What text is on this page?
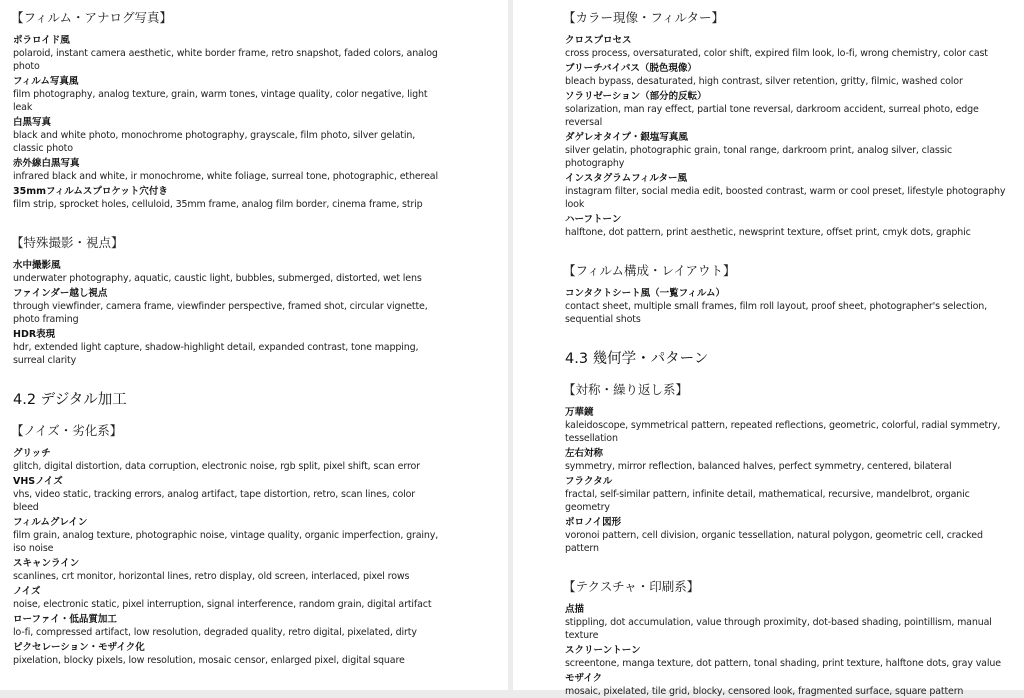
【フィルム・アナログ写真】
ポラロイド風
polaroid, instant camera aesthetic, white border frame, retro snapshot, faded colors, analog photo
フィルム写真風
film photography, analog texture, grain, warm tones, vintage quality, color negative, light leak
白黒写真
black and white photo, monochrome photography, grayscale, film photo, silver gelatin, classic photo
赤外線白黒写真
infrared black and white, ir monochrome, white foliage, surreal tone, photographic, ethereal
35mmフィルムスプロケット穴付き
film strip, sprocket holes, celluloid, 35mm frame, analog film border, cinema frame, strip
【特殊撮影・視点】
水中撮影風
underwater photography, aquatic, caustic light, bubbles, submerged, distorted, wet lens
ファインダー越し視点
through viewfinder, camera frame, viewfinder perspective, framed shot, circular vignette, photo framing
HDR表現
hdr, extended light capture, shadow-highlight detail, expanded contrast, tone mapping, surreal clarity
4.2 デジタル加工
【ノイズ・劣化系】
グリッチ
glitch, digital distortion, data corruption, electronic noise, rgb split, pixel shift, scan error
VHSノイズ
vhs, video static, tracking errors, analog artifact, tape distortion, retro, scan lines, color bleed
フィルムグレイン
film grain, analog texture, photographic noise, vintage quality, organic imperfection, grainy, iso noise
スキャンライン
scanlines, crt monitor, horizontal lines, retro display, old screen, interlaced, pixel rows
ノイズ
noise, electronic static, pixel interruption, signal interference, random grain, digital artifact
ローファイ・低品質加工
lo-fi, compressed artifact, low resolution, degraded quality, retro digital, pixelated, dirty
ピクセレーション・モザイク化
pixelation, blocky pixels, low resolution, mosaic censor, enlarged pixel, digital square
【カラー現像・フィルター】
クロスプロセス
cross process, oversaturated, color shift, expired film look, lo-fi, wrong chemistry, color cast
ブリーチバイパス（脱色現像）
bleach bypass, desaturated, high contrast, silver retention, gritty, filmic, washed color
ソラリゼーション（部分的反転）
solarization, man ray effect, partial tone reversal, darkroom accident, surreal photo, edge reversal
ダゲレオタイプ・銀塩写真風
silver gelatin, photographic grain, tonal range, darkroom print, analog silver, classic photography
インスタグラムフィルター風
instagram filter, social media edit, boosted contrast, warm or cool preset, lifestyle photography look
ハーフトーン
halftone, dot pattern, print aesthetic, newsprint texture, offset print, cmyk dots, graphic
【フィルム構成・レイアウト】
コンタクトシート風（一覧フィルム）
contact sheet, multiple small frames, film roll layout, proof sheet, photographer's selection, sequential shots
4.3 幾何学・パターン
【対称・繰り返し系】
万華鏡
kaleidoscope, symmetrical pattern, repeated reflections, geometric, colorful, radial symmetry, tessellation
左右対称
symmetry, mirror reflection, balanced halves, perfect symmetry, centered, bilateral
フラクタル
fractal, self-similar pattern, infinite detail, mathematical, recursive, mandelbrot, organic geometry
ボロノイ図形
voronoi pattern, cell division, organic tessellation, natural polygon, geometric cell, cracked pattern
【テクスチャ・印刷系】
点描
stippling, dot accumulation, value through proximity, dot-based shading, pointillism, manual texture
スクリーントーン
screentone, manga texture, dot pattern, tonal shading, print texture, halftone dots, gray value
モザイク
mosaic, pixelated, tile grid, blocky, censored look, fragmented surface, square pattern
